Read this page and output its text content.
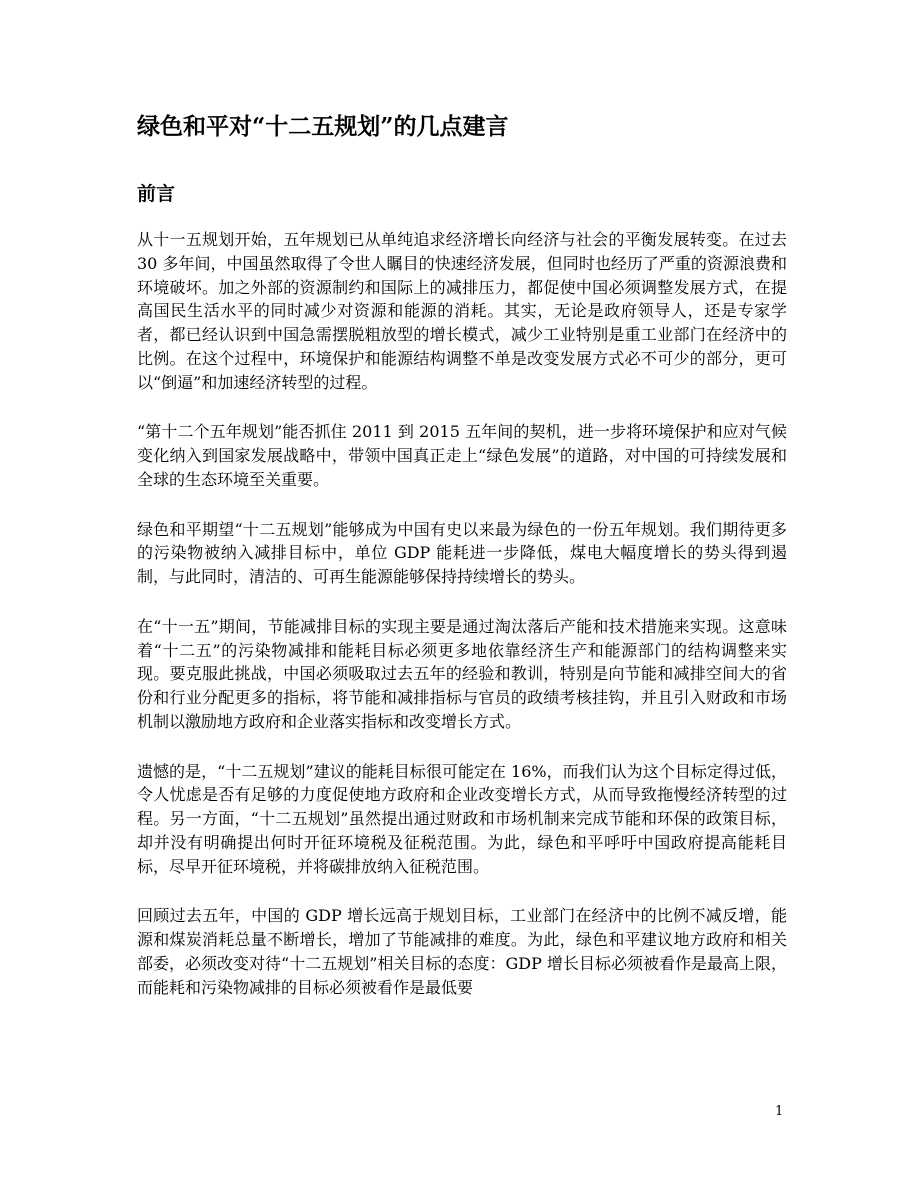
绿色和平对“十二五规划”的几点建言
前言

从十一五规划开始，五年规划已从单纯追求经济增长向经济与社会的平衡发展转变。在过去 30 多年间，中国虽然取得了令世人瞩目的快速经济发展，但同时也经历了严重的资源浪费和环境破坏。加之外部的资源制约和国际上的减排压力，都促使中国必须调整发展方式，在提高国民生活水平的同时减少对资源和能源的消耗。其实，无论是政府领导人，还是专家学者，都已经认识到中国急需摆脱粗放型的增长模式，减少工业特别是重工业部门在经济中的比例。在这个过程中，环境保护和能源结构调整不单是改变发展方式必不可少的部分，更可以“倒逼”和加速经济转型的过程。

“第十二个五年规划”能否抓住 2011 到 2015 五年间的契机，进一步将环境保护和应对气候变化纳入到国家发展战略中，带领中国真正走上“绿色发展”的道路，对中国的可持续发展和全球的生态环境至关重要。

绿色和平期望“十二五规划”能够成为中国有史以来最为绿色的一份五年规划。我们期待更多的污染物被纳入减排目标中，单位 GDP 能耗进一步降低，煤电大幅度增长的势头得到遏制，与此同时，清洁的、可再生能源能够保持持续增长的势头。

在“十一五”期间，节能减排目标的实现主要是通过淘汰落后产能和技术措施来实现。这意味着“十二五”的污染物减排和能耗目标必须更多地依靠经济生产和能源部门的结构调整来实现。要克服此挑战，中国必须吸取过去五年的经验和教训，特别是向节能和减排空间大的省份和行业分配更多的指标，将节能和减排指标与官员的政绩考核挂钩，并且引入财政和市场机制以激励地方政府和企业落实指标和改变增长方式。

遗憾的是，“十二五规划”建议的能耗目标很可能定在 16%，而我们认为这个目标定得过低，令人忧虑是否有足够的力度促使地方政府和企业改变增长方式，从而导致拖慢经济转型的过程。另一方面，“十二五规划”虽然提出通过财政和市场机制来完成节能和环保的政策目标，却并没有明确提出何时开征环境税及征税范围。为此，绿色和平呼吁中国政府提高能耗目标，尽早开征环境税，并将碳排放纳入征税范围。

回顾过去五年，中国的 GDP 增长远高于规划目标，工业部门在经济中的比例不减反增，能源和煤炭消耗总量不断增长，增加了节能减排的难度。为此，绿色和平建议地方政府和相关部委，必须改变对待“十二五规划”相关目标的态度：GDP 增长目标必须被看作是最高上限，而能耗和污染物减排的目标必须被看作是最低要

1
